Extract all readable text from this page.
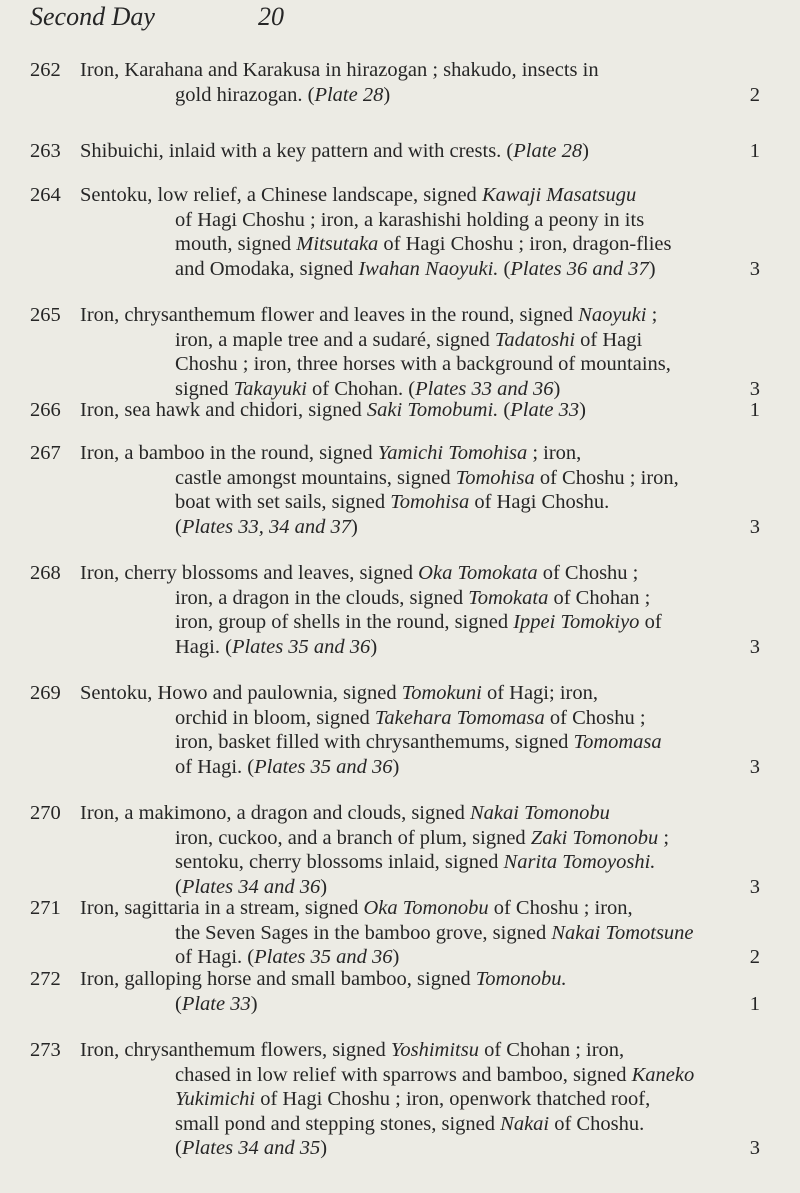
Second Day	20
262 Iron, Karahana and Karakusa in hirazogan ; shakudo, insects in
gold hirazogan. (Plate 28)	2
263 Shibuichi, inlaid with a key pattern and with crests. (Plate 28)	1
264 Sentoku, low relief, a Chinese landscape, signed Kawaji Masatsugu
of Hagi Choshu ; iron, a karashishi holding a peony in its
mouth, signed Mitsutaka of Hagi Choshu ; iron, dragon-flies
and Omodaka, signed Iwahan Naoyuki. (Plates 36 and 37)	3
265 Iron, chrysanthemum flower and leaves in the round, signed Naoyuki ;
iron, a maple tree and a sudaré, signed Tadatoshi of Hagi
Choshu ; iron, three horses with a background of mountains,
signed Takayuki of Chohan. (Plates 33 and 36)	3
266 Iron, sea hawk and chidori, signed Saki Tomobumi. (Plate 33)	1
267 Iron, a bamboo in the round, signed Yamichi Tomohisa ; iron,
castle amongst mountains, signed Tomohisa of Choshu ; iron,
boat with set sails, signed Tomohisa of Hagi Choshu.
(Plates 33, 34 and 37)	3
268 Iron, cherry blossoms and leaves, signed Oka Tomokata of Choshu ;
iron, a dragon in the clouds, signed Tomokata of Chohan ;
iron, group of shells in the round, signed Ippei Tomokiyo of
Hagi. (Plates 35 and 36)	3
269 Sentoku, Howo and paulownia, signed Tomokuni of Hagi; iron,
orchid in bloom, signed Takehara Tomomasa of Choshu ;
iron, basket filled with chrysanthemums, signed Tomomasa
of Hagi. (Plates 35 and 36)	3
270 Iron, a makimono, a dragon and clouds, signed Nakai Tomonobu
iron, cuckoo, and a branch of plum, signed Zaki Tomonobu ;
sentoku, cherry blossoms inlaid, signed Narita Tomoyoshi.
(Plates 34 and 36)	3
271 Iron, sagittaria in a stream, signed Oka Tomonobu of Choshu ; iron,
the Seven Sages in the bamboo grove, signed Nakai Tomotsune
of Hagi. (Plates 35 and 36)	2
272 Iron, galloping horse and small bamboo, signed Tomonobu.
(Plate 33)	1
273 Iron, chrysanthemum flowers, signed Yoshimitsu of Chohan ; iron,
chased in low relief with sparrows and bamboo, signed Kaneko
Yukimichi of Hagi Choshu ; iron, openwork thatched roof,
small pond and stepping stones, signed Nakai of Choshu.
(Plates 34 and 35)	3
